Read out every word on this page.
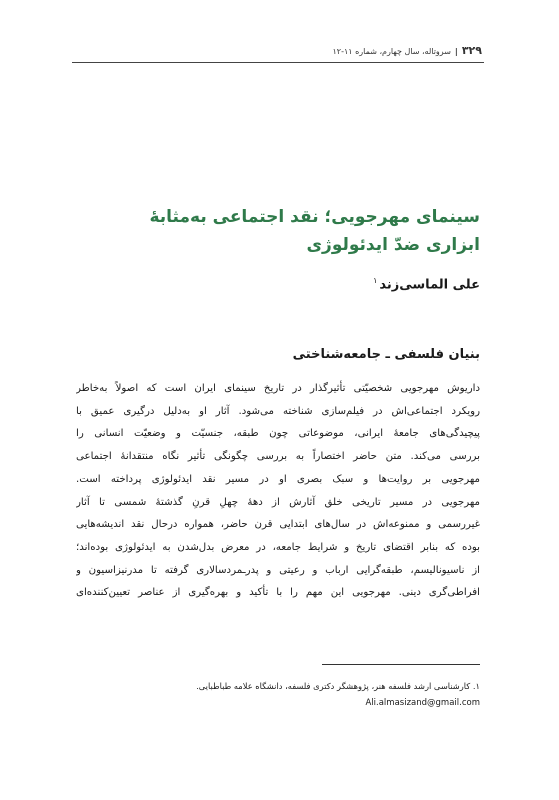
۳۲۹|سروتاله، سال چهارم، شماره ۱۱-۱۲
سینمای مهرجویی؛ نقد اجتماعی به‌مثابهٔ
ابزاری ضدّ ایدئولوژی
علی الماسی‌زند$^۱$
بنیان فلسفی ـ جامعه‌شناختی
داریوش مهرجویی شخصیّتی تأثیرگذار در تاریخ سینمای ایران است که اصولاً به‌خاطر
رویکرد اجتماعی‌اش در فیلم‌سازی شناخته می‌شود. آثار او به‌دلیل درگیری عمیق با
پیچیدگی‌های جامعهٔ ایرانی، موضوعاتی چون طبقه، جنسیّت و وضعیّت انسانی را
بررسی می‌کند. متن حاضر اختصاراً به بررسی چگونگی تأثیر نگاه منتقدانهٔ اجتماعی
مهرجویی بر روایت‌ها و سبک بصری او در مسیر نقد ایدئولوژی پرداخته است.
مهرجویی در مسیر تاریخی خلق آثارش از دههٔ چهلِ قرنِ گذشتهٔ شمسی تا آثار
غیررسمی و ممنوعه‌اش در سال‌های ابتدایی قرن حاضر، همواره درحال نقد اندیشه‌هایی
بوده که بنابر اقتضای تاریخ و شرایط جامعه، در معرض بدل‌شدن به ایدئولوژی بوده‌اند؛
از ناسیونالیسم، طبقه‌گرایی ارباب و رعیتی و پدرـمردسالاری گرفته تا مدرنیزاسیون و
افراطی‌گری دینی. مهرجویی این مهم را با تأکید و بهره‌گیری از عناصر تعیین‌کننده‌ای
۱. کارشناسی ارشد فلسفه هنر، پژوهشگر دکتری فلسفه، دانشگاه علامه طباطبایی.
Ali.almasizand@gmail.com
